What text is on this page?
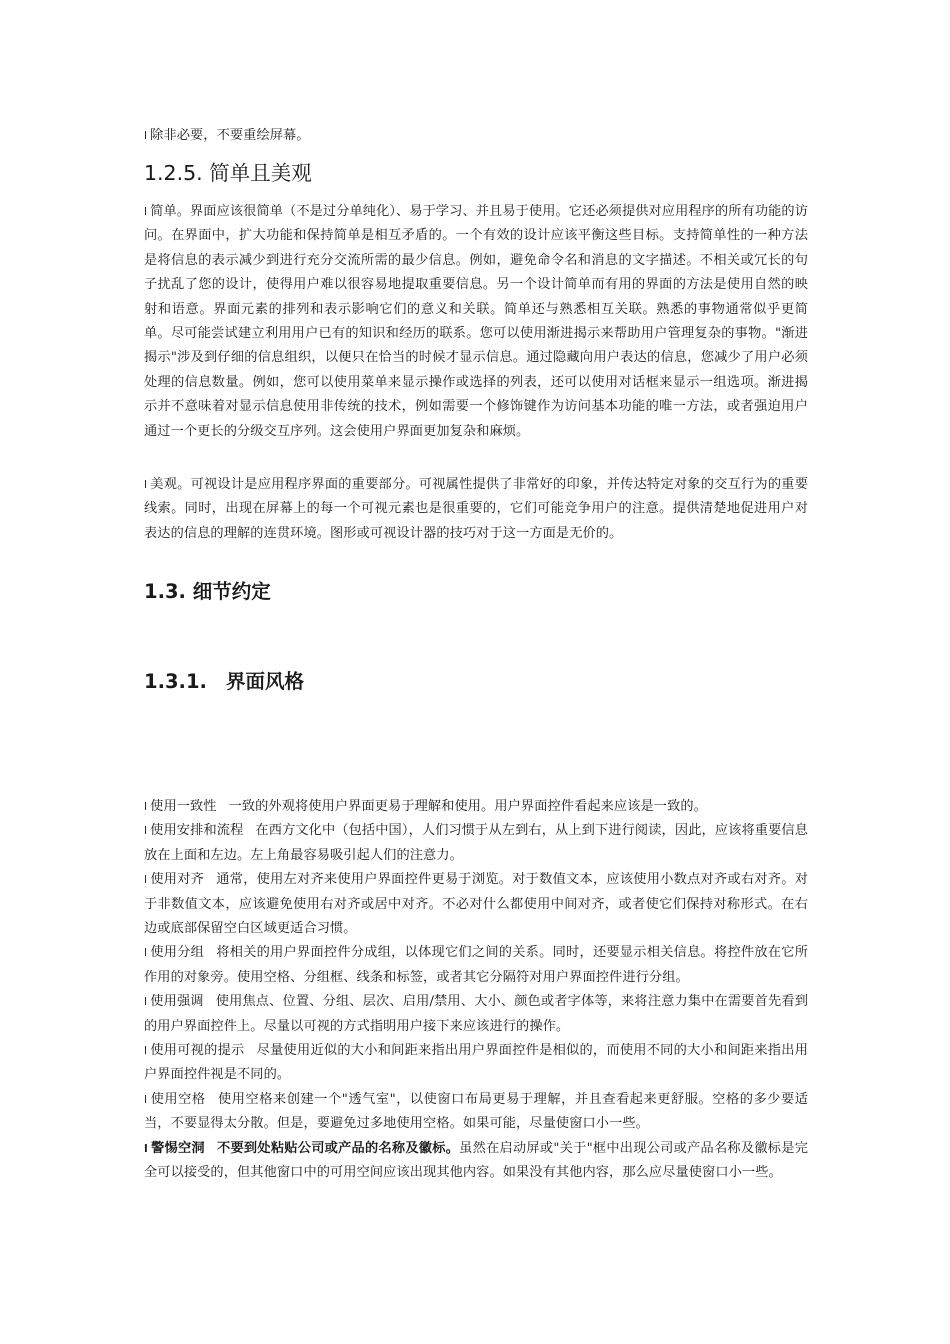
l 除非必要，不要重绘屏幕。

1.2.5. 简单且美观

l 简单。界面应该很简单（不是过分单纯化）、易于学习、并且易于使用。它还必须提供对应用程序的所有功能的访问。在界面中，扩大功能和保持简单是相互矛盾的。一个有效的设计应该平衡这些目标。支持简单性的一种方法是将信息的表示减少到进行充分交流所需的最少信息。例如，避免命令名和消息的文字描述。不相关或冗长的句子扰乱了您的设计，使得用户难以很容易地提取重要信息。另一个设计简单而有用的界面的方法是使用自然的映射和语意。界面元素的排列和表示影响它们的意义和关联。简单还与熟悉相互关联。熟悉的事物通常似乎更简单。尽可能尝试建立利用用户已有的知识和经历的联系。您可以使用渐进揭示来帮助用户管理复杂的事物。"渐进揭示"涉及到仔细的信息组织，以便只在恰当的时候才显示信息。通过隐藏向用户表达的信息，您减少了用户必须处理的信息数量。例如，您可以使用菜单来显示操作或选择的列表，还可以使用对话框来显示一组选项。渐进揭示并不意味着对显示信息使用非传统的技术，例如需要一个修饰键作为访问基本功能的唯一方法，或者强迫用户通过一个更长的分级交互序列。这会使用户界面更加复杂和麻烦。

l 美观。可视设计是应用程序界面的重要部分。可视属性提供了非常好的印象，并传达特定对象的交互行为的重要线索。同时，出现在屏幕上的每一个可视元素也是很重要的，它们可能竞争用户的注意。提供清楚地促进用户对表达的信息的理解的连贯环境。图形或可视设计器的技巧对于这一方面是无价的。

1.3. 细节约定
1.3.1. 界面风格

l 使用一致性 一致的外观将使用户界面更易于理解和使用。用户界面控件看起来应该是一致的。

l 使用安排和流程 在西方文化中（包括中国），人们习惯于从左到右，从上到下进行阅读，因此，应该将重要信息放在上面和左边。左上角最容易吸引起人们的注意力。

l 使用对齐 通常，使用左对齐来使用户界面控件更易于浏览。对于数值文本，应该使用小数点对齐或右对齐。对于非数值文本，应该避免使用右对齐或居中对齐。不必对什么都使用中间对齐，或者使它们保持对称形式。在右边或底部保留空白区域更适合习惯。

l 使用分组 将相关的用户界面控件分成组，以体现它们之间的关系。同时，还要显示相关信息。将控件放在它所作用的对象旁。使用空格、分组框、线条和标签，或者其它分隔符对用户界面控件进行分组。

l 使用强调 使用焦点、位置、分组、层次、启用/禁用、大小、颜色或者字体等，来将注意力集中在需要首先看到的用户界面控件上。尽量以可视的方式指明用户接下来应该进行的操作。

l 使用可视的提示 尽量使用近似的大小和间距来指出用户界面控件是相似的，而使用不同的大小和间距来指出用户界面控件视是不同的。

l 使用空格 使用空格来创建一个"透气室"，以使窗口布局更易于理解，并且查看起来更舒服。空格的多少要适当，不要显得太分散。但是，要避免过多地使用空格。如果可能，尽量使窗口小一些。

l 警惕空洞 不要到处粘贴公司或产品的名称及徽标。虽然在启动屏或"关于"框中出现公司或产品名称及徽标是完全可以接受的，但其他窗口中的可用空间应该出现其他内容。如果没有其他内容，那么应尽量使窗口小一些。
